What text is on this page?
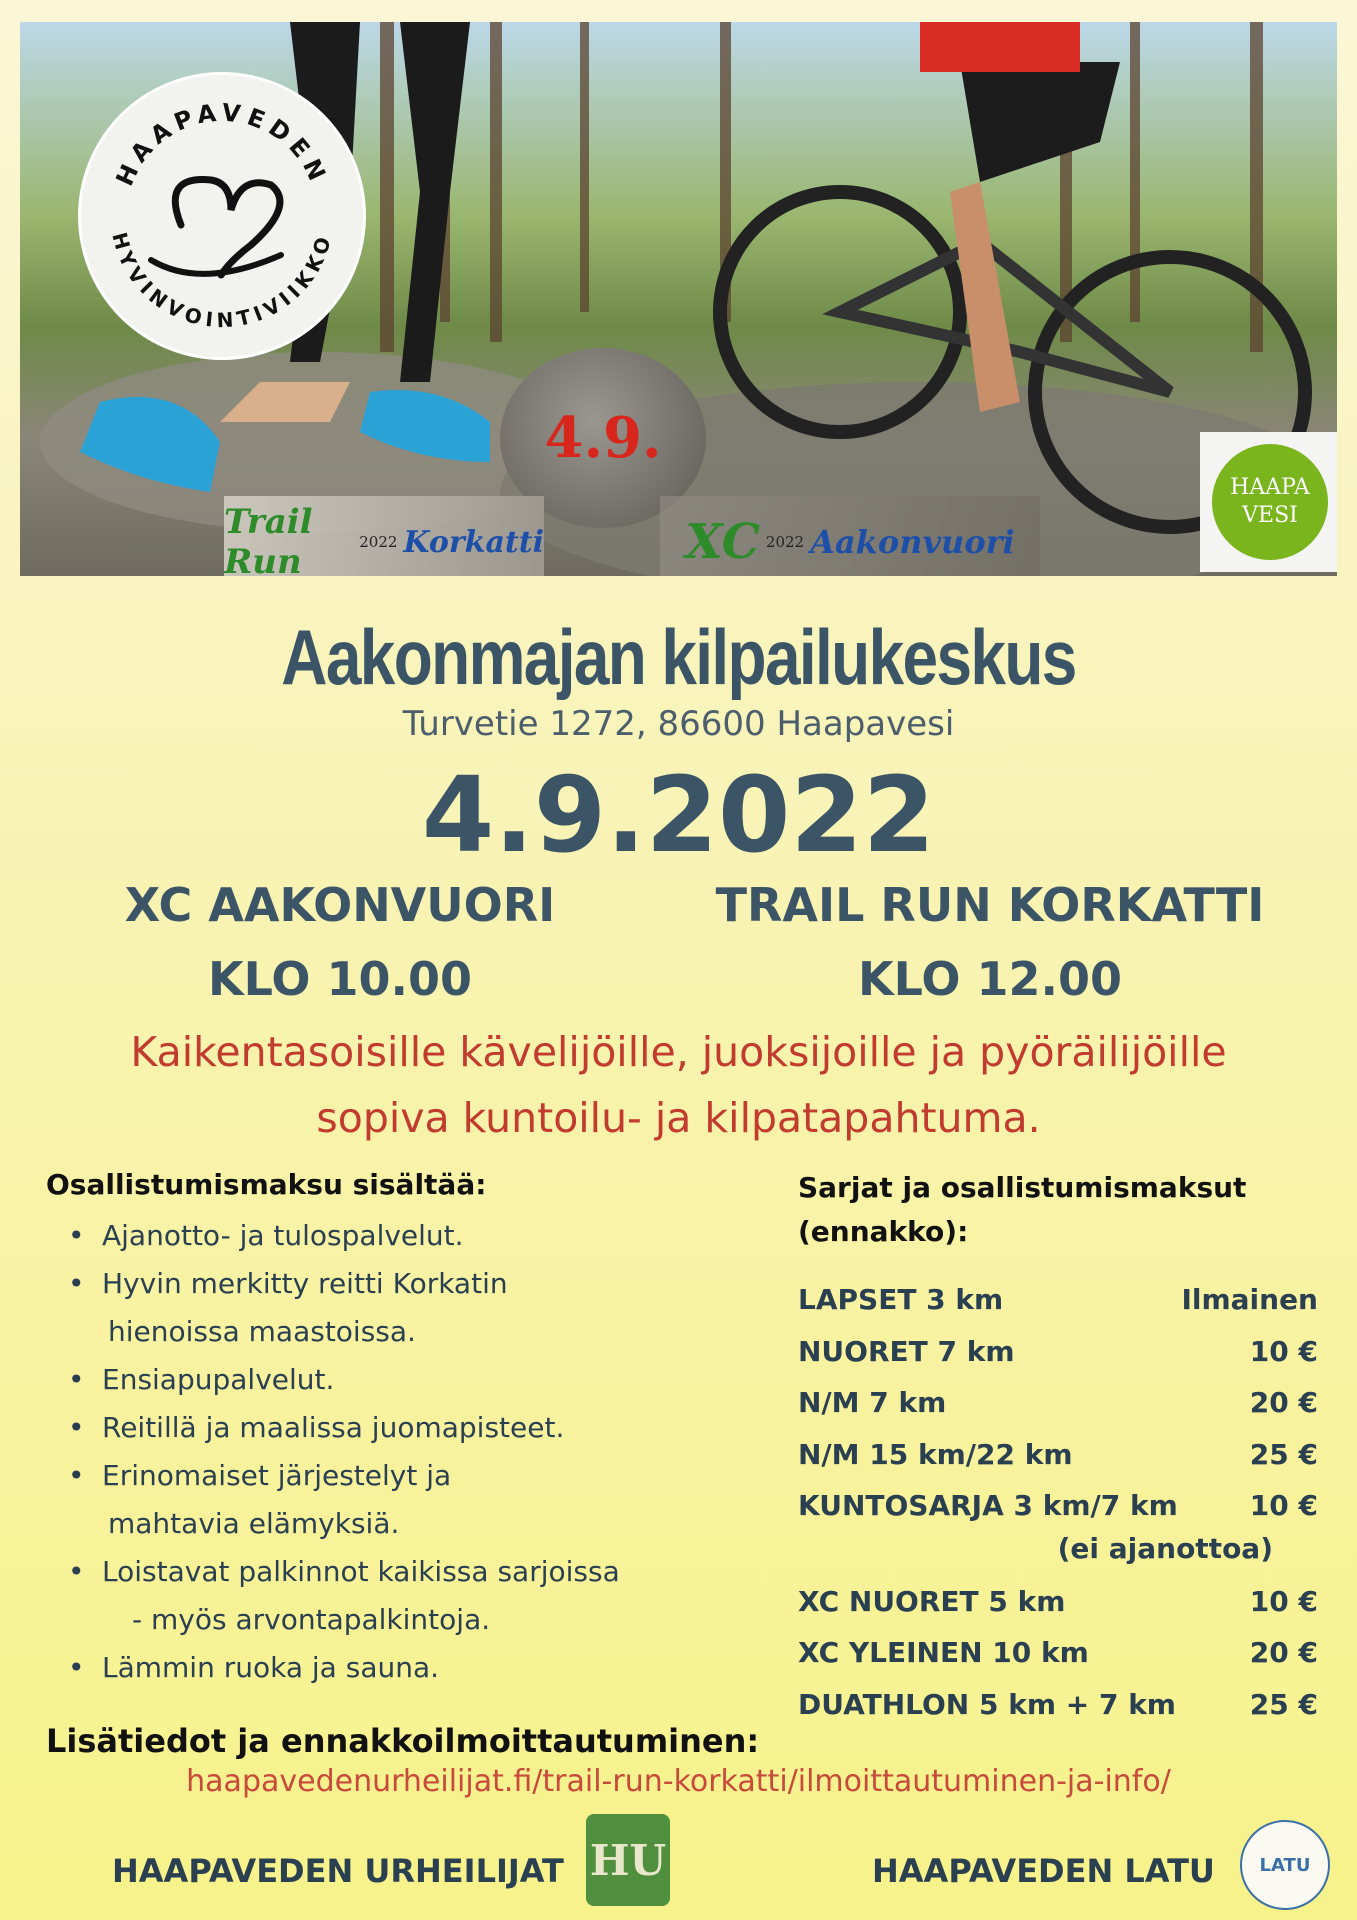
HAAPAVEDEN
HYVINVOINTIVIIKKO
4.9.
Trail Run	2022 Korkatti	XC 2022 Aakonvuori
HAAPA
VESI
Aakonmajan kilpailukeskus
Turvetie 1272, 86600 Haapavesi
4.9.2022
XC AAKONVUORI	TRAIL RUN KORKATTI
KLO 10.00	KLO 12.00
Kaikentasoisille kävelijöille, juoksijoille ja pyöräilijöille
sopiva kuntoilu- ja kilpatapahtuma.
Osallistumismaksu sisältää:
• Ajanotto- ja tulospalvelut.
• Hyvin merkitty reitti Korkatin
hienoissa maastoissa.
• Ensiapupalvelut.
• Reitillä ja maalissa juomapisteet.
• Erinomaiset järjestelyt ja
mahtavia elämyksiä.
• Loistavat palkinnot kaikissa sarjoissa
- myös arvontapalkintoja.
• Lämmin ruoka ja sauna.
Sarjat ja osallistumismaksut
(ennakko):
LAPSET 3 km	Ilmainen
NUORET 7 km	10 €
N/M 7 km	20 €
N/M 15 km/22 km	25 €
KUNTOSARJA 3 km/7 km	10 €
(ei ajanottoa)
XC NUORET 5 km	10 €
XC YLEINEN 10 km	20 €
DUATHLON 5 km + 7 km	25 €
Lisätiedot ja ennakkoilmoittautuminen:
haapavedenurheilijat.fi/trail-run-korkatti/ilmoittautuminen-ja-info/
HAAPAVEDEN URHEILIJAT HU	HAAPAVEDEN LATU LATU
